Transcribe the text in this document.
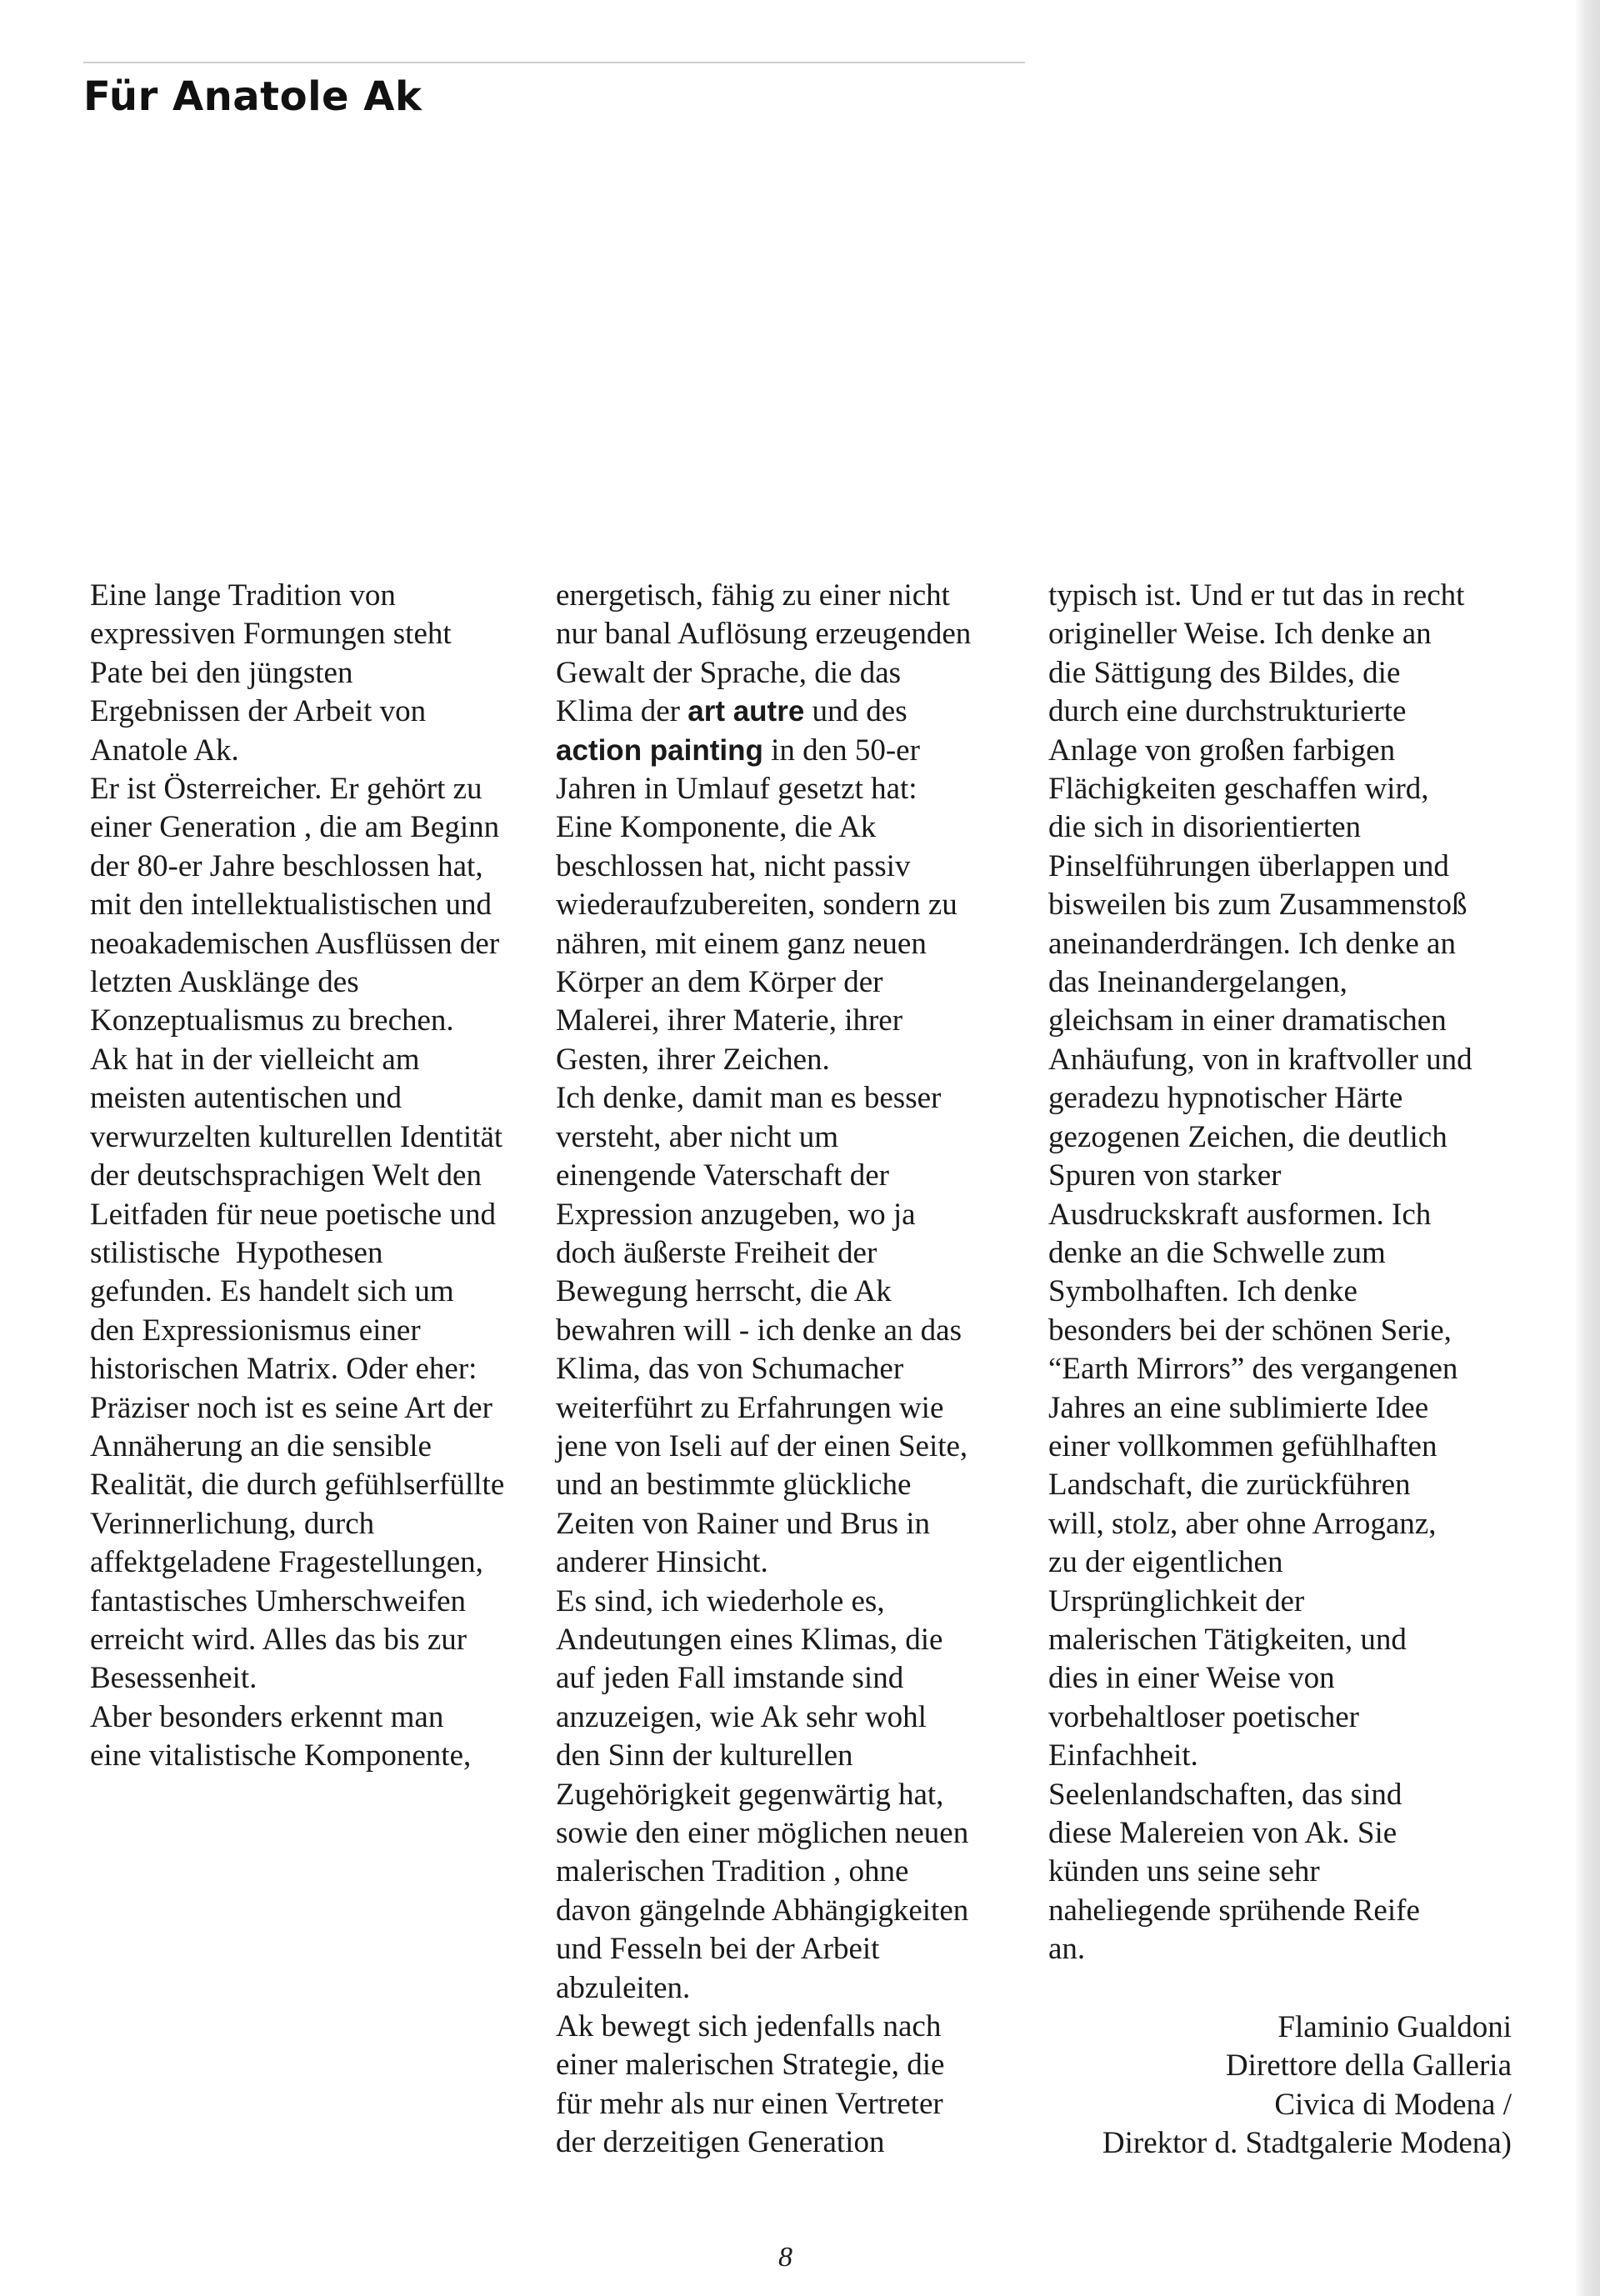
Für Anatole Ak
Eine lange Tradition von
expressiven Formungen steht
Pate bei den jüngsten
Ergebnissen der Arbeit von
Anatole Ak.
Er ist Österreicher. Er gehört zu
einer Generation , die am Beginn
der 80-er Jahre beschlossen hat,
mit den intellektualistischen und
neoakademischen Ausflüssen der
letzten Ausklänge des
Konzeptualismus zu brechen.
Ak hat in der vielleicht am
meisten autentischen und
verwurzelten kulturellen Identität
der deutschsprachigen Welt den
Leitfaden für neue poetische und
stilistische  Hypothesen
gefunden. Es handelt sich um
den Expressionismus einer
historischen Matrix. Oder eher:
Präziser noch ist es seine Art der
Annäherung an die sensible
Realität, die durch gefühlserfüllte
Verinnerlichung, durch
affektgeladene Fragestellungen,
fantastisches Umherschweifen
erreicht wird. Alles das bis zur
Besessenheit.
Aber besonders erkennt man
eine vitalistische Komponente,
energetisch, fähig zu einer nicht
nur banal Auflösung erzeugenden
Gewalt der Sprache, die das
Klima der art autre und des
action painting in den 50-er
Jahren in Umlauf gesetzt hat:
Eine Komponente, die Ak
beschlossen hat, nicht passiv
wiederaufzubereiten, sondern zu
nähren, mit einem ganz neuen
Körper an dem Körper der
Malerei, ihrer Materie, ihrer
Gesten, ihrer Zeichen.
Ich denke, damit man es besser
versteht, aber nicht um
einengende Vaterschaft der
Expression anzugeben, wo ja
doch äußerste Freiheit der
Bewegung herrscht, die Ak
bewahren will - ich denke an das
Klima, das von Schumacher
weiterführt zu Erfahrungen wie
jene von Iseli auf der einen Seite,
und an bestimmte glückliche
Zeiten von Rainer und Brus in
anderer Hinsicht.
Es sind, ich wiederhole es,
Andeutungen eines Klimas, die
auf jeden Fall imstande sind
anzuzeigen, wie Ak sehr wohl
den Sinn der kulturellen
Zugehörigkeit gegenwärtig hat,
sowie den einer möglichen neuen
malerischen Tradition , ohne
davon gängelnde Abhängigkeiten
und Fesseln bei der Arbeit
abzuleiten.
Ak bewegt sich jedenfalls nach
einer malerischen Strategie, die
für mehr als nur einen Vertreter
der derzeitigen Generation
typisch ist. Und er tut das in recht
origineller Weise. Ich denke an
die Sättigung des Bildes, die
durch eine durchstrukturierte
Anlage von großen farbigen
Flächigkeiten geschaffen wird,
die sich in disorientierten
Pinselführungen überlappen und
bisweilen bis zum Zusammenstoß
aneinanderdrängen. Ich denke an
das Ineinandergelangen,
gleichsam in einer dramatischen
Anhäufung, von in kraftvoller und
geradezu hypnotischer Härte
gezogenen Zeichen, die deutlich
Spuren von starker
Ausdruckskraft ausformen. Ich
denke an die Schwelle zum
Symbolhaften. Ich denke
besonders bei der schönen Serie,
“Earth Mirrors” des vergangenen
Jahres an eine sublimierte Idee
einer vollkommen gefühlhaften
Landschaft, die zurückführen
will, stolz, aber ohne Arroganz,
zu der eigentlichen
Ursprünglichkeit der
malerischen Tätigkeiten, und
dies in einer Weise von
vorbehaltloser poetischer
Einfachheit.
Seelenlandschaften, das sind
diese Malereien von Ak. Sie
künden uns seine sehr
naheliegende sprühende Reife
an.
Flaminio Gualdoni
Direttore della Galleria
Civica di Modena /
Direktor d. Stadtgalerie Modena)
8
